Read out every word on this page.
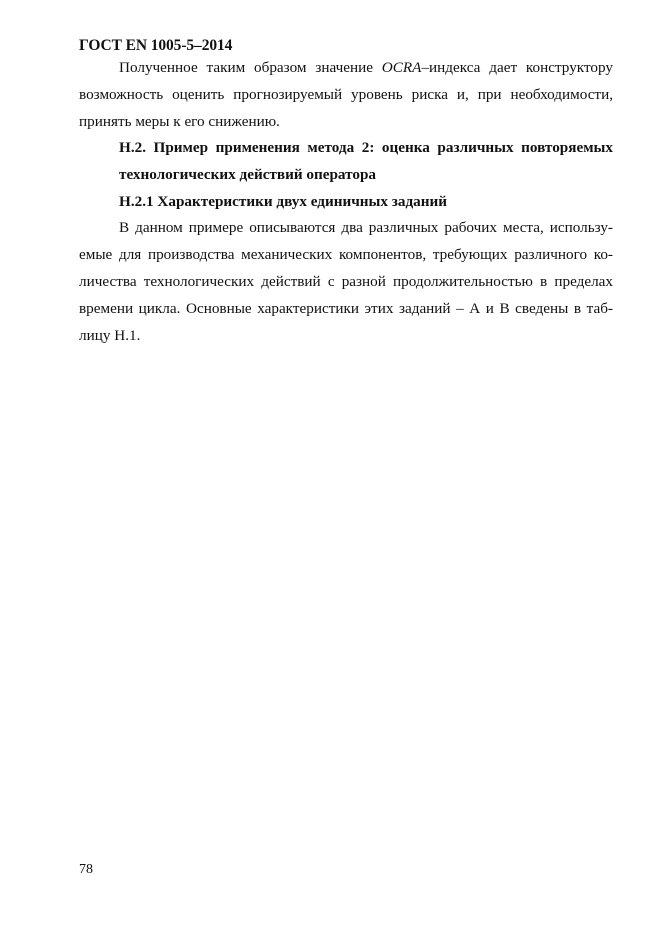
ГОСТ EN 1005-5–2014
Полученное таким образом значение OCRA–индекса дает конструктору
возможность оценить прогнозируемый уровень риска и, при необходимости,
принять меры к его снижению.
H.2. Пример применения метода 2: оценка различных повторяемых
технологических действий оператора
H.2.1 Характеристики двух единичных заданий
В данном примере описываются два различных рабочих места, использу-
емые для производства механических компонентов, требующих различного ко-
личества технологических действий с разной продолжительностью в пределах
времени цикла. Основные характеристики этих заданий – А и В сведены в таб-
лицу H.1.
78
